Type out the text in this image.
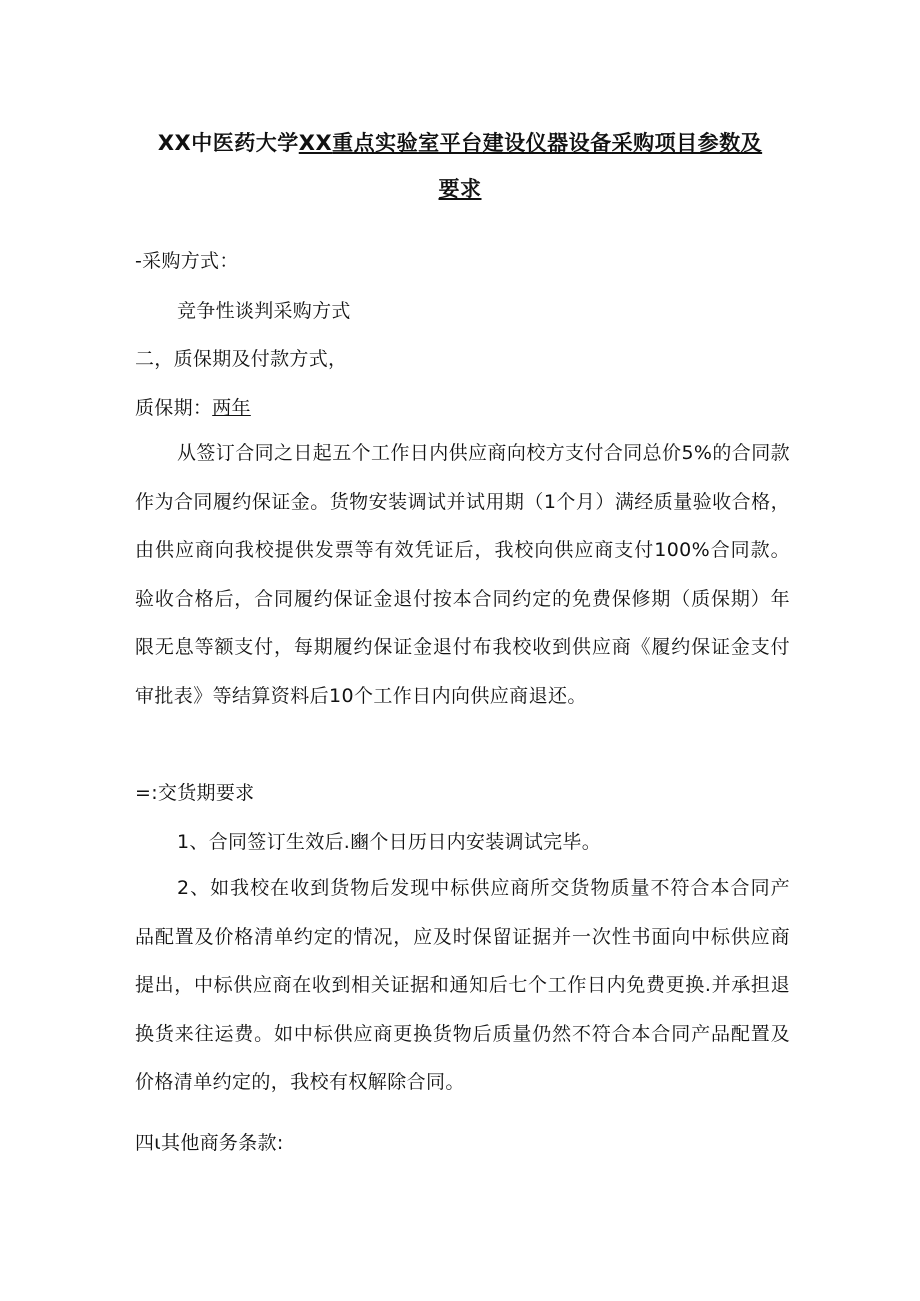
XX中医药大学XX重点实验室平台建设仪器设备采购项目参数及
要求
-采购方式：
竞争性谈判采购方式
二，质保期及付款方式，
质保期：两年
从签订合同之日起五个工作日内供应商向校方支付合同总价5%的合同款作为合同履约保证金。货物安装调试并试用期（1个月）满经质量验收合格，由供应商向我校提供发票等有效凭证后，我校向供应商支付100%合同款。验收合格后，合同履约保证金退付按本合同约定的免费保修期（质保期）年限无息等额支付，每期履约保证金退付布我校收到供应商《履约保证金支付审批表》等结算资料后10个工作日内向供应商退还。
=:交货期要求
1、合同签订生效后.豳个日历日内安装调试完毕。
2、如我校在收到货物后发现中标供应商所交货物质量不符合本合同产品配置及价格清单约定的情况，应及时保留证据并一次性书面向中标供应商提出，中标供应商在收到相关证据和通知后七个工作日内免费更换.并承担退换货来往运费。如中标供应商更换货物后质量仍然不符合本合同产品配置及价格清单约定的，我校有权解除合同。
四ι其他商务条款:
